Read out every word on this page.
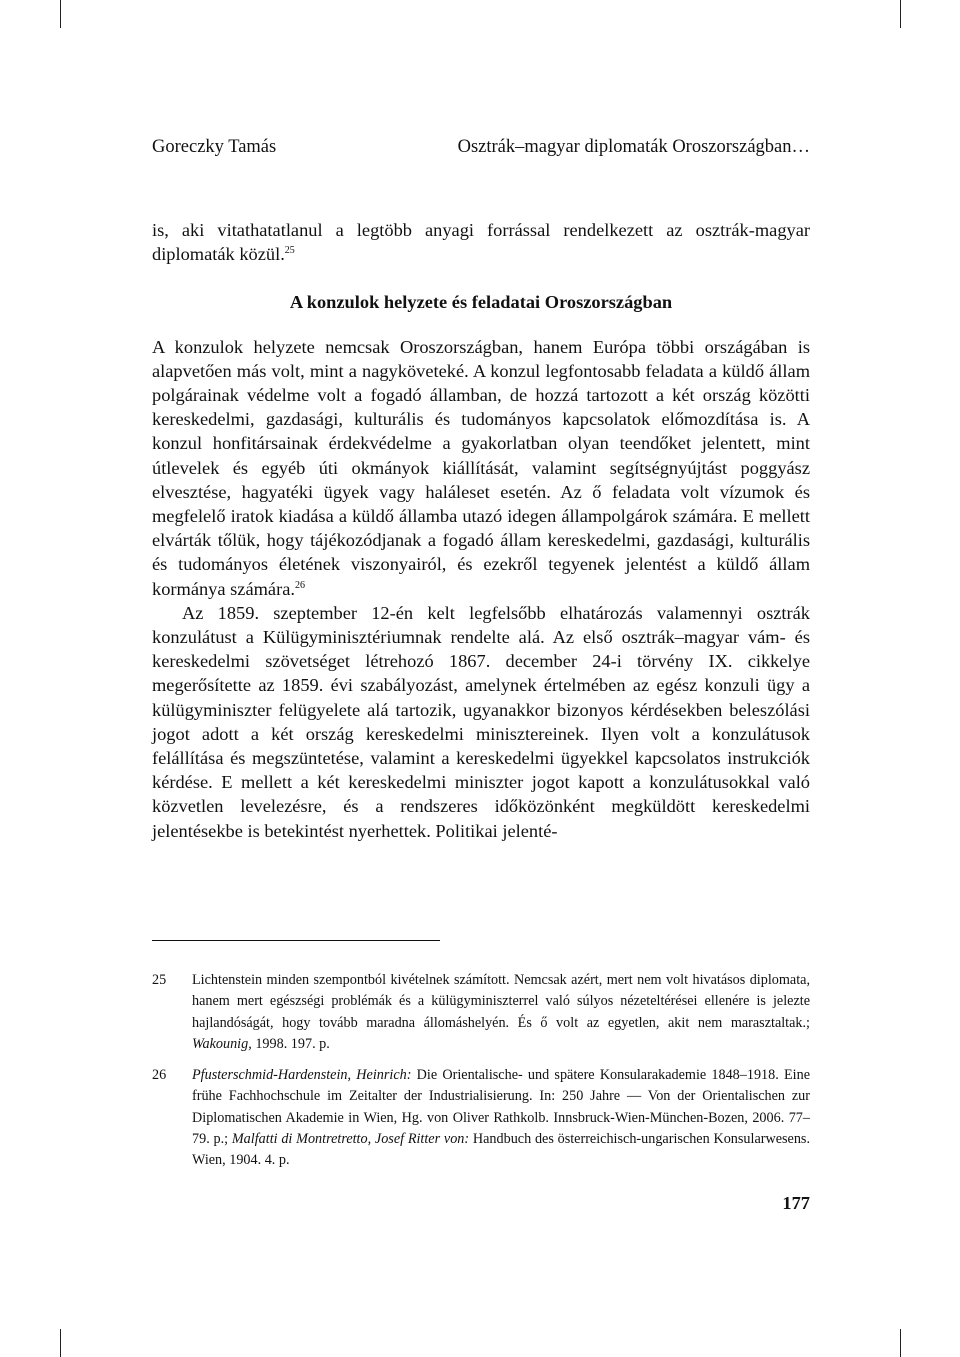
Goreczky Tamás	Osztrák–magyar diplomaták Oroszországban…

is, aki vitathatatlanul a legtöbb anyagi forrással rendelkezett az osztrák-magyar diplomaták közül.$^{25}$

A konzulok helyzete és feladatai Oroszországban

A konzulok helyzete nemcsak Oroszországban, hanem Európa többi országában is alapvetően más volt, mint a nagyköveteké. A konzul legfontosabb feladata a küldő állam polgárainak védelme volt a fogadó államban, de hozzá tartozott a két ország közötti kereskedelmi, gazdasági, kulturális és tudományos kapcsolatok előmozdítása is. A konzul honfitársainak érdekvédelme a gyakorlatban olyan teendőket jelentett, mint útlevelek és egyéb úti okmányok kiállítását, valamint segítségnyújtást poggyász elvesztése, hagyatéki ügyek vagy haláleset esetén. Az ő feladata volt vízumok és megfelelő iratok kiadása a küldő államba utazó idegen állampolgárok számára. E mellett elvárták tőlük, hogy tájékozódjanak a fogadó állam kereskedelmi, gazdasági, kulturális és tudományos életének viszonyairól, és ezekről tegyenek jelentést a küldő állam kormánya számára.$^{26}$

Az 1859. szeptember 12-én kelt legfelsőbb elhatározás valamennyi osztrák konzulátust a Külügyminisztériumnak rendelte alá. Az első osztrák–magyar vám- és kereskedelmi szövetséget létrehozó 1867. december 24-i törvény IX. cikkelye megerősítette az 1859. évi szabályozást, amelynek értelmében az egész konzuli ügy a külügyminiszter felügyelete alá tartozik, ugyanakkor bizonyos kérdésekben beleszólási jogot adott a két ország kereskedelmi minisztereinek. Ilyen volt a konzulátusok felállítása és megszüntetése, valamint a kereskedelmi ügyekkel kapcsolatos instrukciók kérdése. E mellett a két kereskedelmi miniszter jogot kapott a konzulátusokkal való közvetlen levelezésre, és a rendszeres időközönként megküldött kereskedelmi jelentésekbe is betekintést nyerhettek. Politikai jelenté-

25	Lichtenstein minden szempontból kivételnek számított. Nemcsak azért, mert nem volt hivatásos diplomata, hanem mert egészségi problémák és a külügyminiszterrel való súlyos nézeteltérései ellenére is jelezte hajlandóságát, hogy tovább maradna állomáshelyén. És ő volt az egyetlen, akit nem marasztaltak.; Wakounig, 1998. 197. p.
26	Pfusterschmid-Hardenstein, Heinrich: Die Orientalische- und spätere Konsularakademie 1848–1918. Eine frühe Fachhochschule im Zeitalter der Industrialisierung. In: 250 Jahre — Von der Orientalischen zur Diplomatischen Akademie in Wien, Hg. von Oliver Rathkolb. Innsbruck-Wien-München-Bozen, 2006. 77–79. p.; Malfatti di Montretretto, Josef Ritter von: Handbuch des österreichisch-ungarischen Konsularwesens. Wien, 1904. 4. p.
177
